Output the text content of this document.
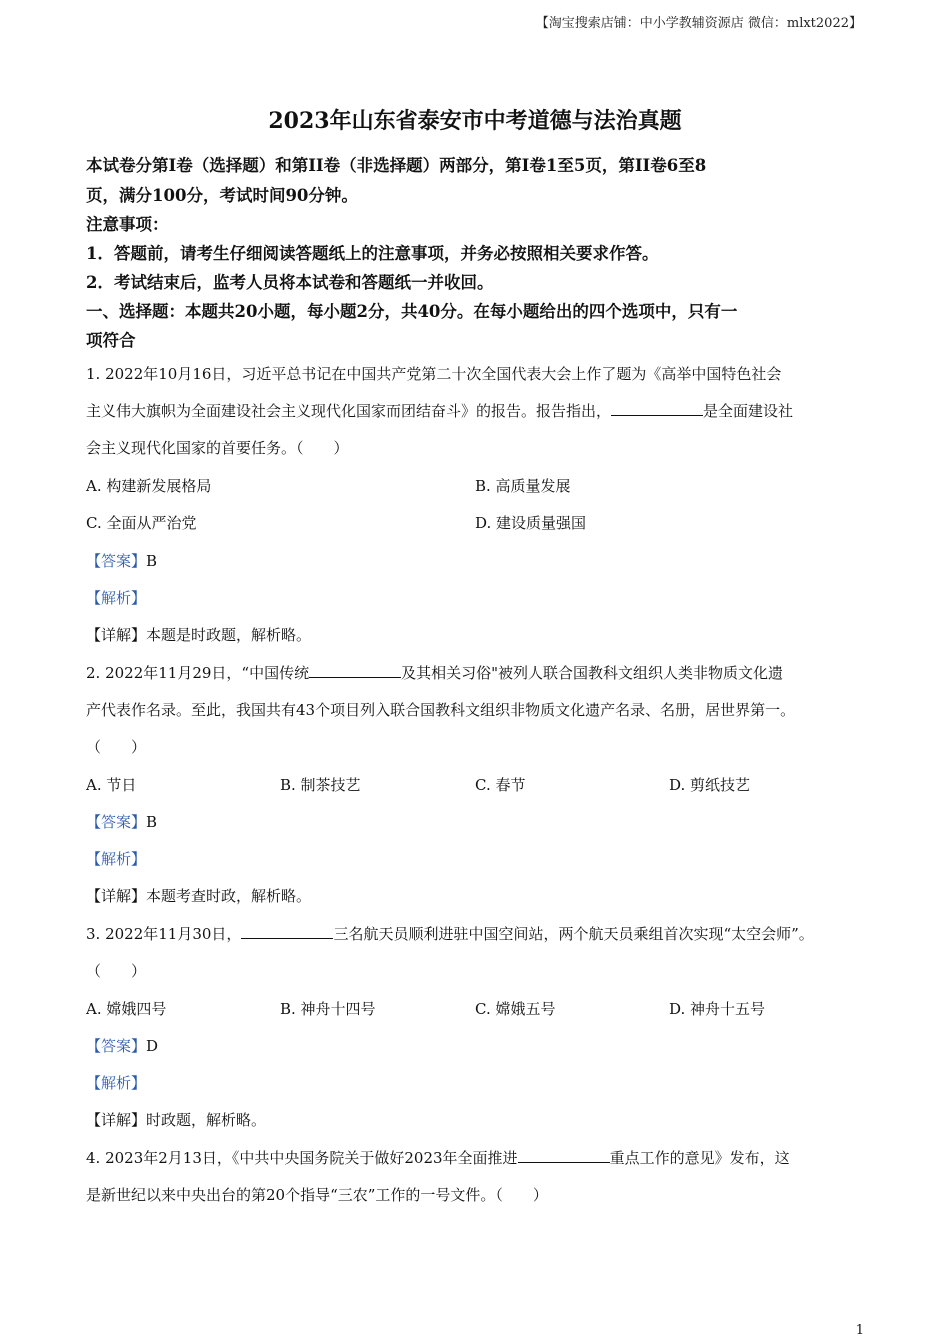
【淘宝搜索店铺：中小学教辅资源店 微信：mlxt2022】
2023年山东省泰安市中考道德与法治真题
本试卷分第Ⅰ卷（选择题）和第II卷（非选择题）两部分，第I卷1至5页，第II卷6至8
页，满分100分，考试时间90分钟。
注意事项：
1．答题前，请考生仔细阅读答题纸上的注意事项，并务必按照相关要求作答。
2．考试结束后，监考人员将本试卷和答题纸一并收回。
一、选择题：本题共20小题，每小题2分，共40分。在每小题给出的四个选项中，只有一
项符合
1. 2022年10月16日，习近平总书记在中国共产党第二十次全国代表大会上作了题为《高举中国特色社会
主义伟大旗帜为全面建设社会主义现代化国家而团结奋斗》的报告。报告指出，	是全面建设社
会主义现代化国家的首要任务。（　　）
A. 构建新发展格局	B. 高质量发展
C. 全面从严治党	D. 建设质量强国
【答案】B
【解析】
【详解】本题是时政题，解析略。
2. 2022年11月29日，“中国传统	及其相关习俗"被列人联合国教科文组织人类非物质文化遗
产代表作名录。至此，我国共有43个项目列入联合国教科文组织非物质文化遗产名录、名册，居世界第一。
（　　）
A. 节日	B. 制茶技艺	C. 春节	D. 剪纸技艺
【答案】B
【解析】
【详解】本题考查时政，解析略。
3. 2022年11月30日，	三名航天员顺利进驻中国空间站，两个航天员乘组首次实现“太空会师”。
（　　）
A. 嫦娥四号	B. 神舟十四号	C. 嫦娥五号	D. 神舟十五号
【答案】D
【解析】
【详解】时政题，解析略。
4. 2023年2月13日，《中共中央国务院关于做好2023年全面推进	重点工作的意见》发布，这
是新世纪以来中央出台的第20个指导“三农”工作的一号文件。（　　）
1
